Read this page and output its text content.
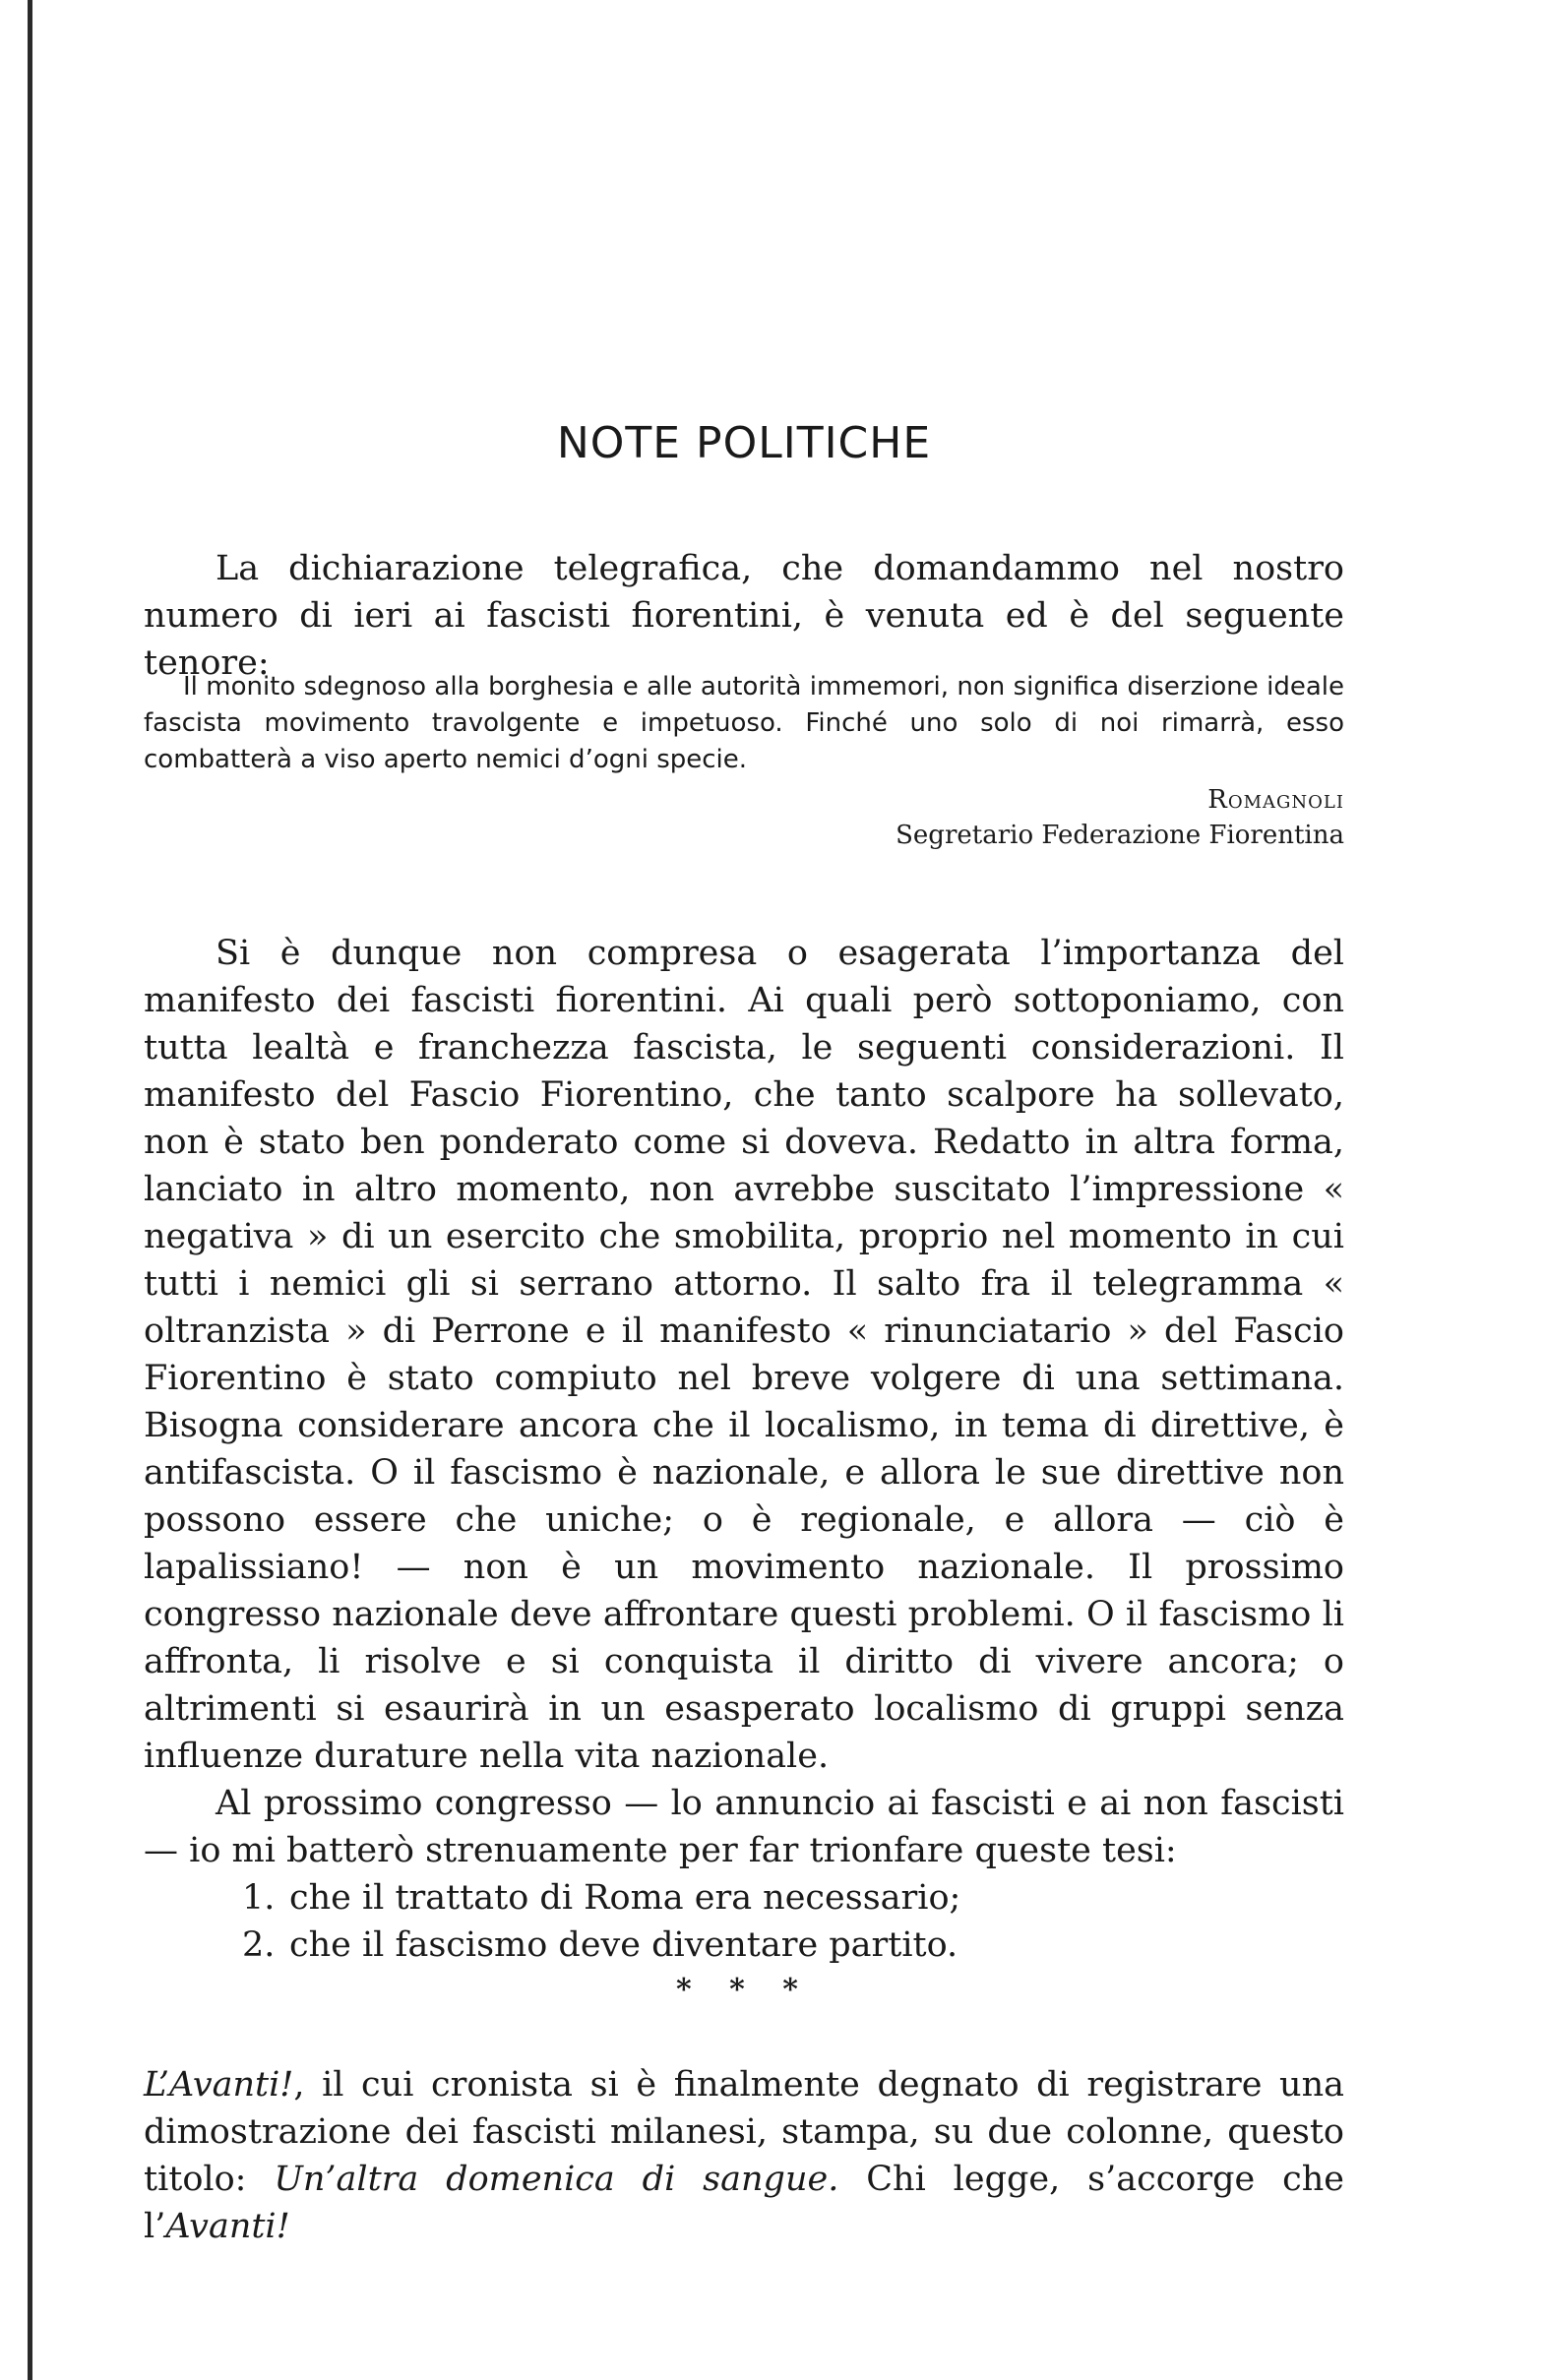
NOTE POLITICHE

La dichiarazione telegrafica, che domandammo nel nostro numero di ieri ai fascisti fiorentini, è venuta ed è del seguente tenore:

Il monito sdegnoso alla borghesia e alle autorità immemori, non significa diserzione ideale fascista movimento travolgente e impetuoso. Finché uno solo di noi rimarrà, esso combatterà a viso aperto nemici d’ogni specie.

Romagnoli
Segretario Federazione Fiorentina

Si è dunque non compresa o esagerata l’importanza del manifesto dei fascisti fiorentini. Ai quali però sottoponiamo, con tutta lealtà e franchezza fascista, le seguenti considerazioni. Il manifesto del Fascio Fiorentino, che tanto scalpore ha sollevato, non è stato ben ponderato come si doveva. Redatto in altra forma, lanciato in altro momento, non avrebbe suscitato l’impressione « negativa » di un esercito che smobilita, proprio nel momento in cui tutti i nemici gli si serrano attorno. Il salto fra il telegramma « oltranzista » di Perrone e il manifesto « rinunciatario » del Fascio Fiorentino è stato compiuto nel breve volgere di una settimana. Bisogna considerare ancora che il localismo, in tema di direttive, è antifascista. O il fascismo è nazionale, e allora le sue direttive non possono essere che uniche; o è regionale, e allora — ciò è lapalissiano! — non è un movimento nazionale. Il prossimo congresso nazionale deve affrontare questi problemi. O il fascismo li affronta, li risolve e si conquista il diritto di vivere ancora; o altrimenti si esaurirà in un esasperato localismo di gruppi senza influenze durature nella vita nazionale.

Al prossimo congresso — lo annuncio ai fascisti e ai non fascisti — io mi batterò strenuamente per far trionfare queste tesi:

1. che il trattato di Roma era necessario;
2. che il fascismo deve diventare partito.
* * *

L’Avanti!, il cui cronista si è finalmente degnato di registrare una dimostrazione dei fascisti milanesi, stampa, su due colonne, questo titolo: Un’altra domenica di sangue. Chi legge, s’accorge che l’Avanti!
